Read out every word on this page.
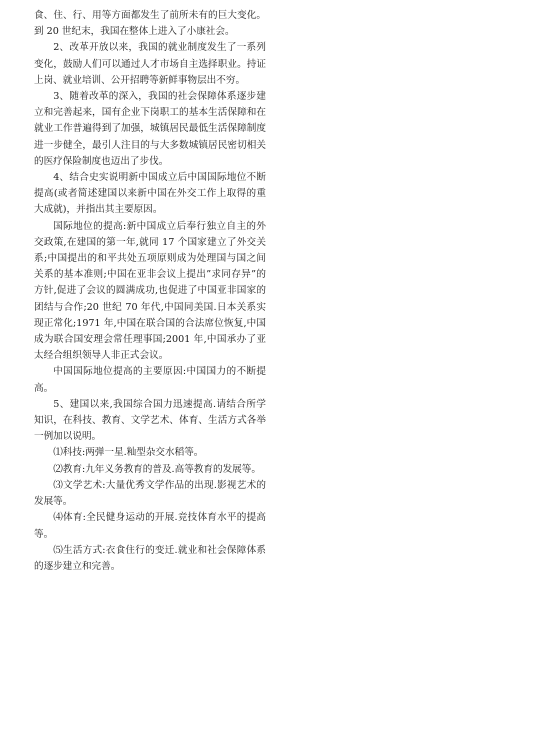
食、住、行、用等方面都发生了前所未有的巨大变化。到 20 世纪末，我国在整体上进入了小康社会。

2、改革开放以来，我国的就业制度发生了一系列变化，鼓励人们可以通过人才市场自主选择职业。持证上岗、就业培训、公开招聘等新鲜事物层出不穷。

3、随着改革的深入，我国的社会保障体系逐步建立和完善起来，国有企业下岗职工的基本生活保障和在就业工作普遍得到了加强，城镇居民最低生活保障制度进一步健全，最引人注目的与大多数城镇居民密切相关的医疗保险制度也迈出了步伐。

4、结合史实说明新中国成立后中国国际地位不断提高(或者简述建国以来新中国在外交工作上取得的重大成就)，并指出其主要原因。

国际地位的提高:新中国成立后奉行独立自主的外交政策,在建国的第一年,就同 17 个国家建立了外交关系;中国提出的和平共处五项原则成为处理国与国之间关系的基本准则;中国在亚非会议上提出”求同存异”的方针,促进了会议的圆满成功,也促进了中国亚非国家的团结与合作;20 世纪 70 年代,中国同美国.日本关系实现正常化;1971 年,中国在联合国的合法席位恢复,中国成为联合国安理会常任理事国;2001 年,中国承办了亚太经合组织领导人非正式会议。

中国国际地位提高的主要原因:中国国力的不断提高。

5、建国以来,我国综合国力迅速提高.请结合所学知识，在科技、教育、文学艺术、体育、生活方式各举一例加以说明。

⑴科技:两弹一星.籼型杂交水稻等。

⑵教育:九年义务教育的普及.高等教育的发展等。

⑶文学艺术:大量优秀文学作品的出现.影视艺术的发展等。

⑷体育:全民健身运动的开展.竞技体育水平的提高等。

⑸生活方式:衣食住行的变迁.就业和社会保障体系的逐步建立和完善。
